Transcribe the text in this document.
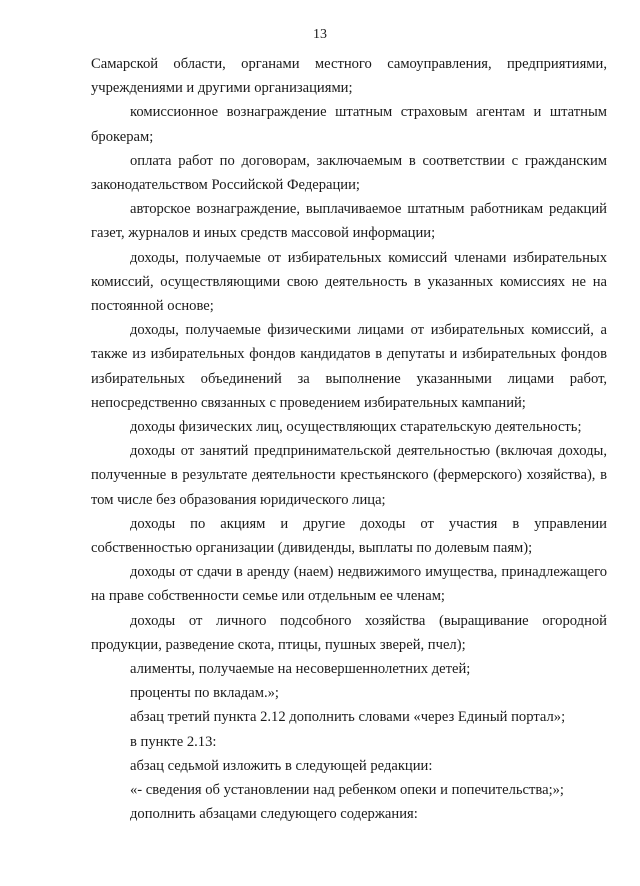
13

Самарской области, органами местного самоуправления, предприятиями, учреждениями и другими организациями;

комиссионное вознаграждение штатным страховым агентам и штатным брокерам;

оплата работ по договорам, заключаемым в соответствии с гражданским законодательством Российской Федерации;

авторское вознаграждение, выплачиваемое штатным работникам редакций газет, журналов и иных средств массовой информации;

доходы, получаемые от избирательных комиссий членами избирательных комиссий, осуществляющими свою деятельность в указанных комиссиях не на постоянной основе;

доходы, получаемые физическими лицами от избирательных комиссий, а также из избирательных фондов кандидатов в депутаты и избирательных фондов избирательных объединений за выполнение указанными лицами работ, непосредственно связанных с проведением избирательных кампаний;

доходы физических лиц, осуществляющих старательскую деятельность;

доходы от занятий предпринимательской деятельностью (включая доходы, полученные в результате деятельности крестьянского (фермерского) хозяйства), в том числе без образования юридического лица;

доходы по акциям и другие доходы от участия в управлении собственностью организации (дивиденды, выплаты по долевым паям);

доходы от сдачи в аренду (наем) недвижимого имущества, принадлежащего на праве собственности семье или отдельным ее членам;

доходы от личного подсобного хозяйства (выращивание огородной продукции, разведение скота, птицы, пушных зверей, пчел);

алименты, получаемые на несовершеннолетних детей;

проценты по вкладам.»;

абзац третий пункта 2.12 дополнить словами «через Единый портал»;

в пункте 2.13:

абзац седьмой изложить в следующей редакции:

«- сведения об установлении над ребенком опеки и попечительства;»;

дополнить абзацами следующего содержания:
